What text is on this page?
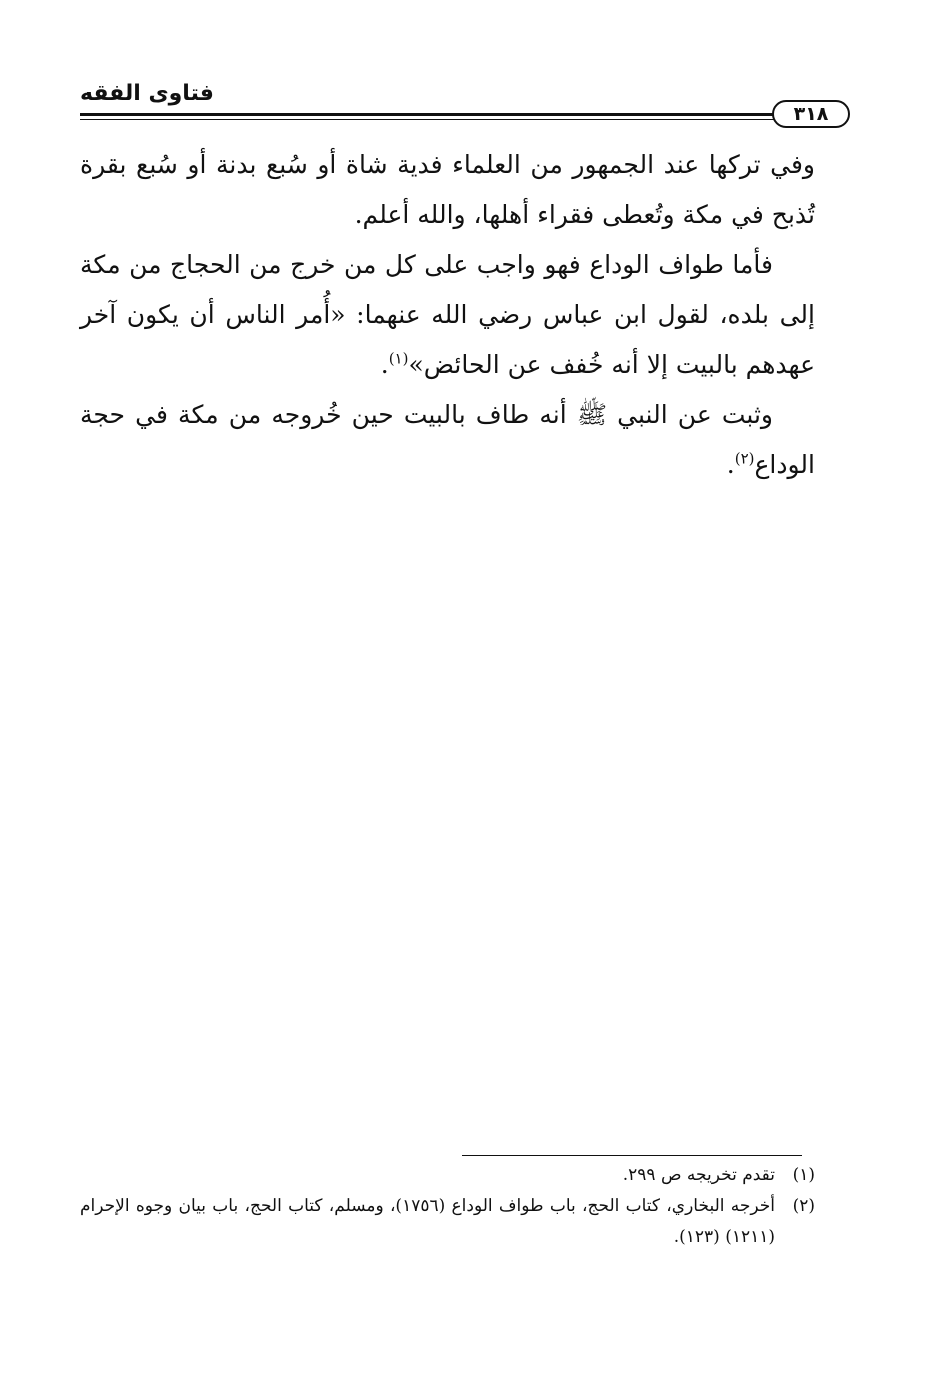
فتاوى الفقه
٣١٨

وفي تركها عند الجمهور من العلماء فدية شاة أو سُبع بدنة أو سُبع بقرة تُذبح في مكة وتُعطى فقراء أهلها، والله أعلم.

فأما طواف الوداع فهو واجب على كل من خرج من الحجاج من مكة إلى بلده، لقول ابن عباس رضي الله عنهما: «أُمر الناس أن يكون آخر عهدهم بالبيت إلا أنه خُفف عن الحائض»$^{(١)}$.

وثبت عن النبي ﷺ أنه طاف بالبيت حين خُروجه من مكة في حجة الوداع$^{(٢)}$.

(١)
تقدم تخريجه ص ٢٩٩.

(٢)
أخرجه البخاري، كتاب الحج، باب طواف الوداع (١٧٥٦)، ومسلم، كتاب الحج، باب بيان وجوه الإحرام (١٢١١) (١٢٣).
